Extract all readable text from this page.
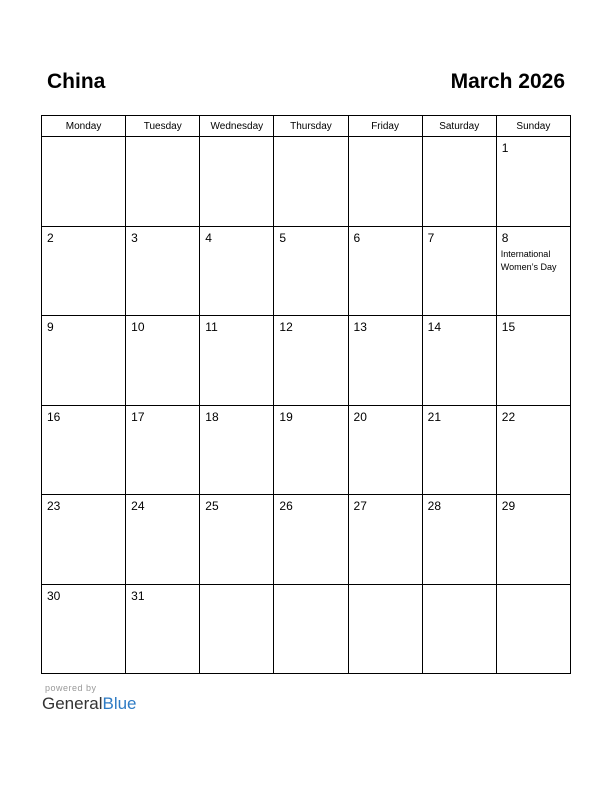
China	March 2026
Monday	Tuesday	Wednesday	Thursday	Friday	Saturday	Sunday

						1

2	3	4	5	6	7	8
International Women’s Day

9	10	11	12	13	14	15

16	17	18	19	20	21	22

23	24	25	26	27	28	29

30	31					

powered by
GeneralBlue
